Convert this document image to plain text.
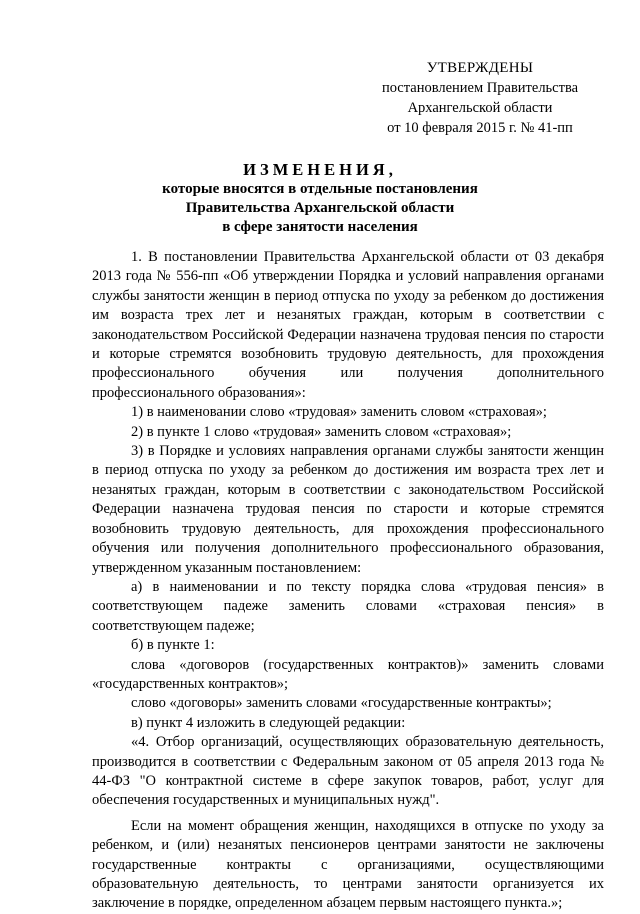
УТВЕРЖДЕНЫ
постановлением Правительства
Архангельской области
от 10 февраля 2015 г. № 41-пп
ИЗМЕНЕНИЯ,
которые вносятся в отдельные постановления
Правительства Архангельской области
в сфере занятости населения

1. В постановлении Правительства Архангельской области от 03 декабря 2013 года № 556-пп «Об утверждении Порядка и условий направления органами службы занятости женщин в период отпуска по уходу за ребенком до достижения им возраста трех лет и незанятых граждан, которым в соответствии с законодательством Российской Федерации назначена трудовая пенсия по старости и которые стремятся возобновить трудовую деятельность, для прохождения профессионального обучения или получения дополнительного профессионального образования»:

1) в наименовании слово «трудовая» заменить словом «страховая»;

2) в пункте 1 слово «трудовая» заменить словом «страховая»;

3) в Порядке и условиях направления органами службы занятости женщин в период отпуска по уходу за ребенком до достижения им возраста трех лет и незанятых граждан, которым в соответствии с законодательством Российской Федерации назначена трудовая пенсия по старости и которые стремятся возобновить трудовую деятельность, для прохождения профессионального обучения или получения дополнительного профессионального образования, утвержденном указанным постановлением:

а) в наименовании и по тексту порядка слова «трудовая пенсия» в соответствующем падеже заменить словами «страховая пенсия» в соответствующем падеже;

б) в пункте 1:

слова «договоров (государственных контрактов)» заменить словами «государственных контрактов»;

слово «договоры» заменить словами «государственные контракты»;

в) пункт 4 изложить в следующей редакции:

«4. Отбор организаций, осуществляющих образовательную деятельность, производится в соответствии с Федеральным законом от 05 апреля 2013 года № 44-ФЗ "О контрактной системе в сфере закупок товаров, работ, услуг для обеспечения государственных и муниципальных нужд".

Если на момент обращения женщин, находящихся в отпуске по уходу за ребенком, и (или) незанятых пенсионеров центрами занятости не заключены государственные контракты с организациями, осуществляющими образовательную деятельность, то центрами занятости организуется их заключение в порядке, определенном абзацем первым настоящего пункта.»;
